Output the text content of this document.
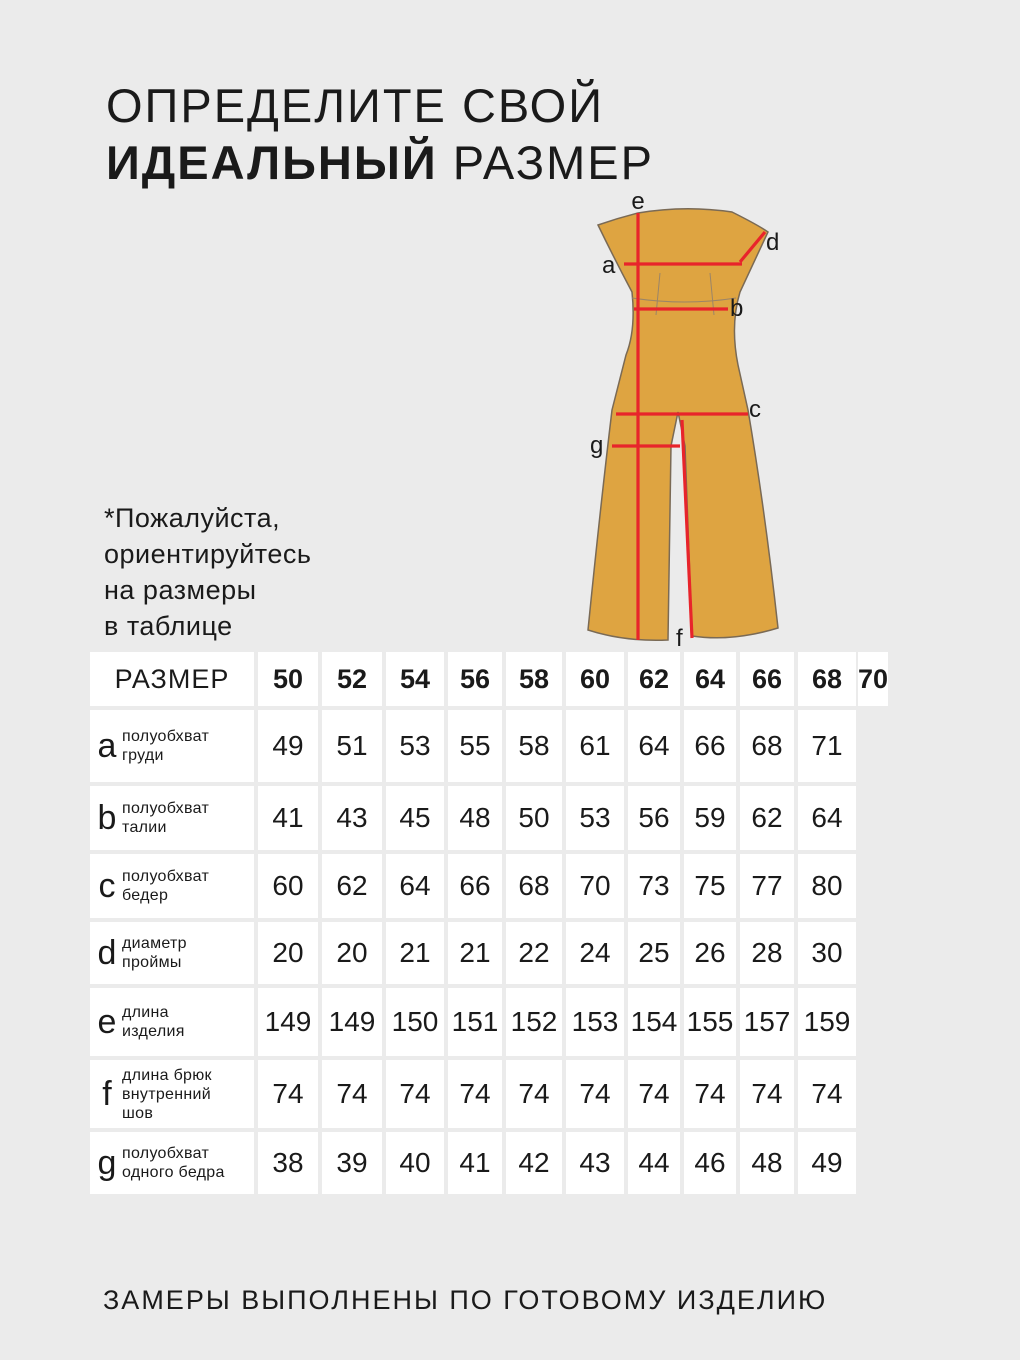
ОПРЕДЕЛИТЕ СВОЙ
ИДЕАЛЬНЫЙ РАЗМЕР
*Пожалуйста,
ориентируйтесь
на размеры
в таблице
e
d
a
b
c
g
f
РАЗМЕР	50	52	54	56	58	60	62 64 66	68 70
a полуобхват
груди	49	51	53	55 58	61 64 66 68	71
b полуобхват
талии	41	43	45	48 50	53 56 59 62	64
c полуобхват
бедер	60	62	64	66 68	70 73 75 77	80
d диаметр
проймы	20	20	21	21 22	24 25 26 28	30
e длина
изделия	149 149 150 151 152 153 154 155 157 159
f длина брюк
внутренний
шов
74	74	74	74 74	74 74 74 74	74
g полуобхват
одного бедра	38	39	40	41 42	43 44 46 48	49
ЗАМЕРЫ ВЫПОЛНЕНЫ ПО ГОТОВОМУ ИЗДЕЛИЮ
